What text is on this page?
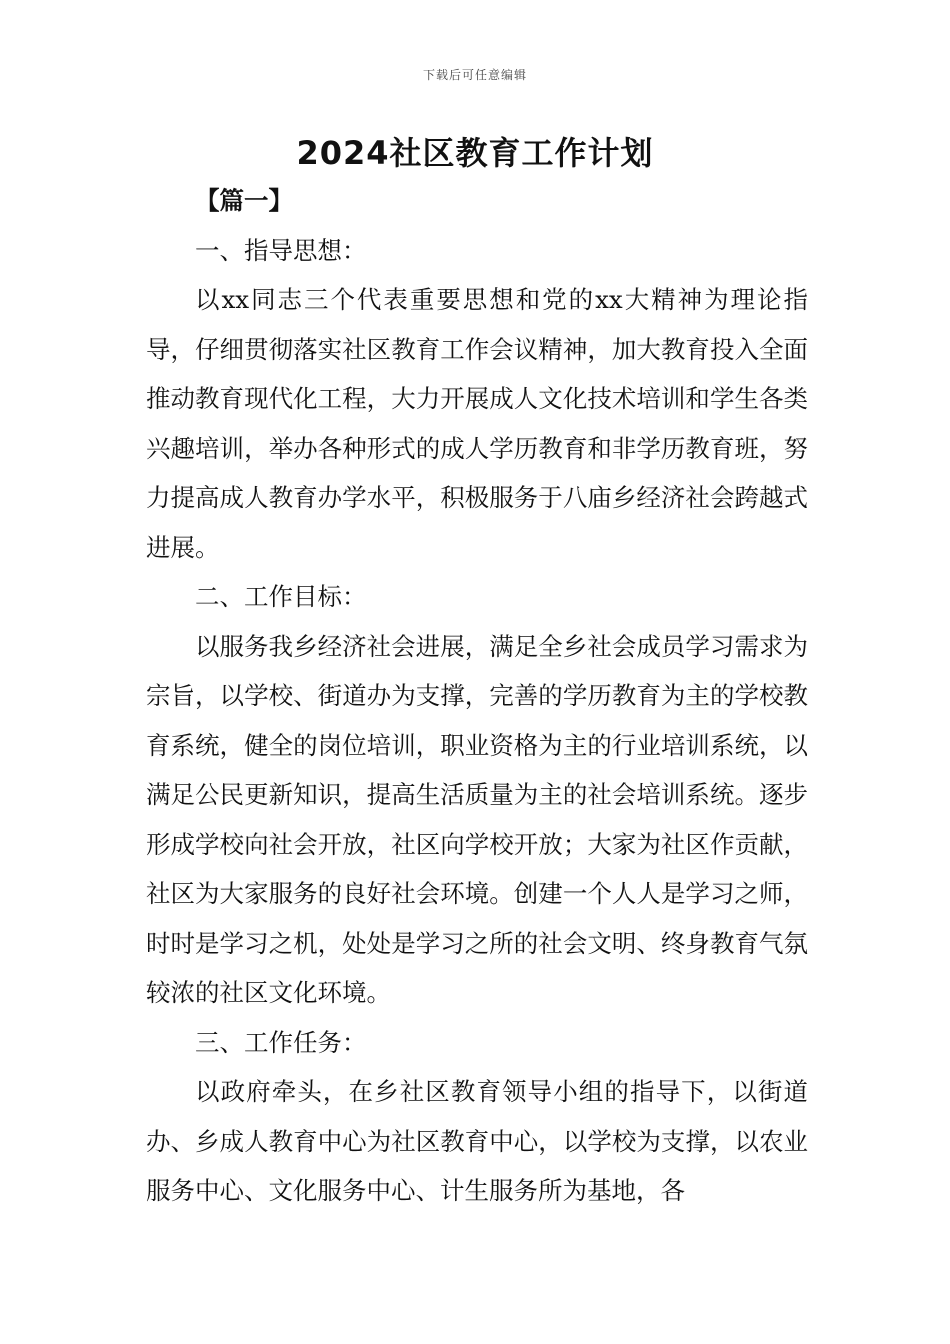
下载后可任意编辑
2024社区教育工作计划

【篇一】

一、指导思想：

以xx同志三个代表重要思想和党的xx大精神为理论指导，仔细贯彻落实社区教育工作会议精神，加大教育投入全面推动教育现代化工程，大力开展成人文化技术培训和学生各类兴趣培训，举办各种形式的成人学历教育和非学历教育班，努力提高成人教育办学水平，积极服务于八庙乡经济社会跨越式进展。

二、工作目标：

以服务我乡经济社会进展，满足全乡社会成员学习需求为宗旨，以学校、街道办为支撑，完善的学历教育为主的学校教育系统，健全的岗位培训，职业资格为主的行业培训系统，以满足公民更新知识，提高生活质量为主的社会培训系统。逐步形成学校向社会开放，社区向学校开放；大家为社区作贡献，社区为大家服务的良好社会环境。创建一个人人是学习之师，时时是学习之机，处处是学习之所的社会文明、终身教育气氛较浓的社区文化环境。

三、工作任务：

以政府牵头，在乡社区教育领导小组的指导下，以街道办、乡成人教育中心为社区教育中心，以学校为支撑，以农业服务中心、文化服务中心、计生服务所为基地，各
